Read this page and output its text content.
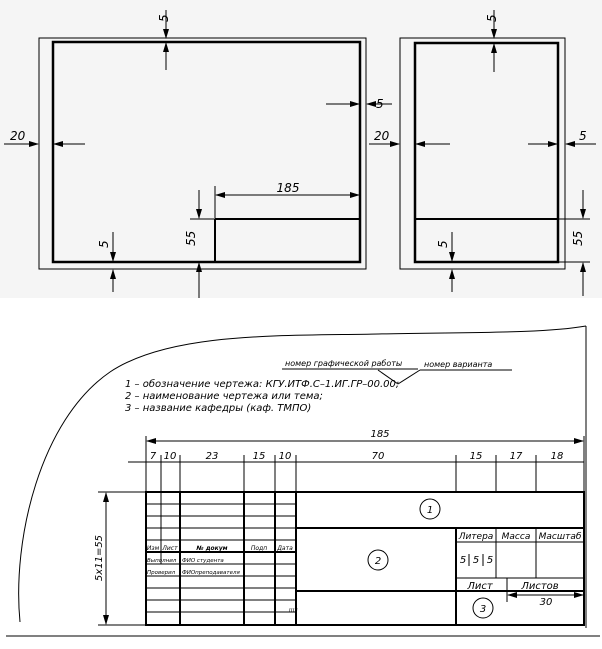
5
5
20
185
55
5
5
20	5
55
5
номер графической работы	номер варианта
1 – обозначение чертежа: КГУ.ИТФ.С–1.ИГ.ГР–00.00;
2 – наименование чертежа или тема;
3 – название кафедры (каф. ТМПО)
185
7 10	23	15 10	70	15	17	18
5x11=55	Изм Лист	№ докум	Подп Дата
Выполнил ФИО студента
Проверил ФИОпреподавателя
Литера Масса Масштаб
5 5 5
Лист	Листов
30
1
2
3
ШЗ
